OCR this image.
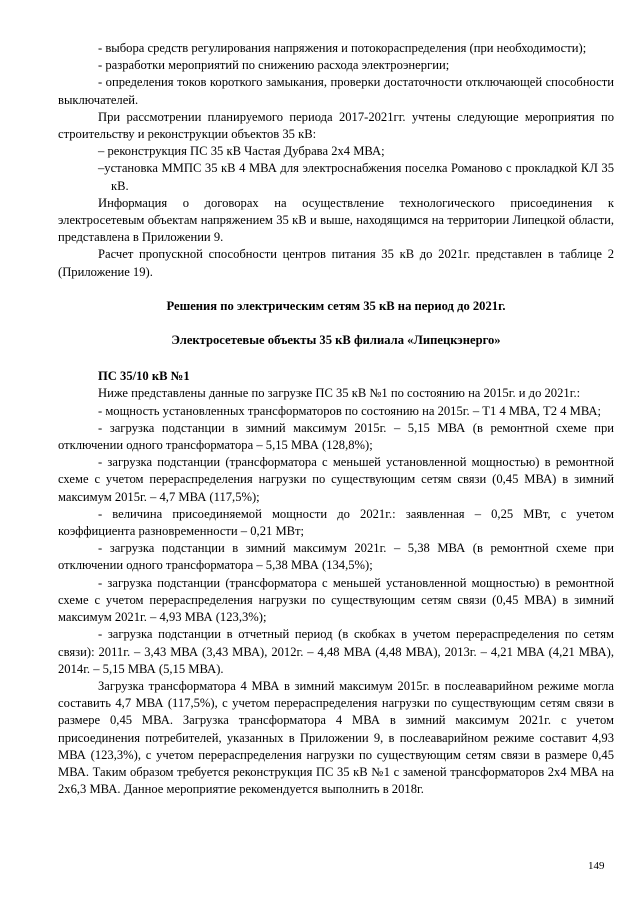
- выбора средств регулирования напряжения и потокораспределения (при необходимости);

- разработки мероприятий по снижению расхода электроэнергии;

- определения токов короткого замыкания, проверки достаточности отключающей способности выключателей.

При рассмотрении планируемого периода 2017-2021гг. учтены следующие мероприятия по строительству и реконструкции объектов 35 кВ:

– реконструкция ПС 35 кВ Частая Дубрава 2х4 МВА;

–установка ММПС 35 кВ 4 МВА для электроснабжения поселка Романово с прокладкой КЛ 35 кВ.

Информация о договорах на осуществление технологического присоединения к электросетевым объектам напряжением 35 кВ и выше, находящимся на территории Липецкой области, представлена в Приложении 9.

Расчет пропускной способности центров питания 35 кВ до 2021г. представлен в таблице 2 (Приложение 19).

Решения по электрическим сетям 35 кВ на период до 2021г.

Электросетевые объекты 35 кВ филиала «Липецкэнерго»

ПС 35/10 кВ №1

Ниже представлены данные по загрузке ПС 35 кВ №1 по состоянию на 2015г. и до 2021г.:

- мощность установленных трансформаторов по состоянию на 2015г. – Т1 4 МВА, Т2 4 МВА;

- загрузка подстанции в зимний максимум 2015г. – 5,15 МВА (в ремонтной схеме при отключении одного трансформатора – 5,15 МВА (128,8%);

- загрузка подстанции (трансформатора с меньшей установленной мощностью) в ремонтной схеме с учетом перераспределения нагрузки по существующим сетям связи (0,45 МВА) в зимний максимум 2015г. – 4,7 МВА (117,5%);

- величина присоединяемой мощности до 2021г.: заявленная – 0,25 МВт, с учетом коэффициента разновременности – 0,21 МВт;

- загрузка подстанции в зимний максимум 2021г. – 5,38 МВА (в ремонтной схеме при отключении одного трансформатора – 5,38 МВА (134,5%);

- загрузка подстанции (трансформатора с меньшей установленной мощностью) в ремонтной схеме с учетом перераспределения нагрузки по существующим сетям связи (0,45 МВА) в зимний максимум 2021г. – 4,93 МВА (123,3%);

- загрузка подстанции в отчетный период (в скобках в учетом перераспределения по сетям связи): 2011г. – 3,43 МВА (3,43 МВА), 2012г. – 4,48 МВА (4,48 МВА), 2013г. – 4,21 МВА (4,21 МВА), 2014г. – 5,15 МВА (5,15 МВА).

Загрузка трансформатора 4 МВА в зимний максимум 2015г. в послеаварийном режиме могла составить 4,7 МВА (117,5%), с учетом перераспределения нагрузки по существующим сетям связи в размере 0,45 МВА. Загрузка трансформатора 4 МВА в зимний максимум 2021г. с учетом присоединения потребителей, указанных в Приложении 9, в послеаварийном режиме составит 4,93 МВА (123,3%), с учетом перераспределения нагрузки по существующим сетям связи в размере 0,45 МВА. Таким образом требуется реконструкция ПС 35 кВ №1 с заменой трансформаторов 2х4 МВА на 2х6,3 МВА. Данное мероприятие рекомендуется выполнить в 2018г.

149
